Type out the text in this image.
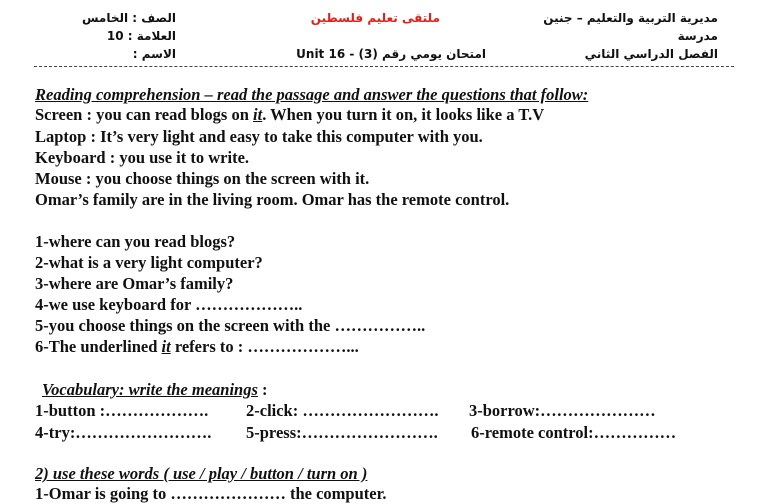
الصف : الخامس
العلامة : 10
الاسم :
ملتقى تعليم فلسطين
امتحان يومي رقم (3) - Unit 16
مديرية التربية والتعليم – جنين
مدرسة
الفصل الدراسي الثاني
Reading comprehension – read the passage and answer the questions that follow:
Screen : you can read blogs on it. When you turn it on, it looks like a T.V
Laptop : It’s very light and easy to take this computer with you.
Keyboard : you use it to write.
Mouse : you choose things on the screen with it.
Omar’s family are in the living room. Omar has the remote control.
1-where can you read blogs?
2-what is a very light computer?
3-where are Omar’s family?
4-we use keyboard for ………………..
5-you choose things on the screen with the ……………..
6-The underlined it refers to : ………………...
Vocabulary: write the meanings :
1-button :………………. 2-click: ……………………. 3-borrow:…………………
4-try:……………………. 5-press:……………………. 6-remote control:……………
2) use these words ( use / play / button / turn on )
1-Omar is going to ………………… the computer.
